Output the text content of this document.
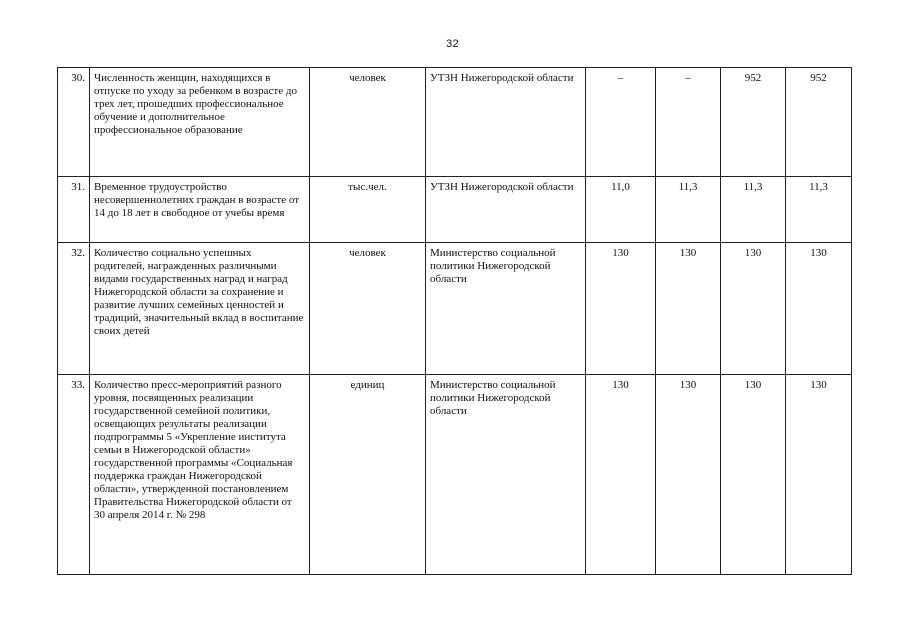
32
30.	Численность женщин, находящихся в отпуске по уходу за ребенком в возрасте до трех лет, прошедших профессиональное обучение и дополнительное профессиональное образование	человек	УТЗН Нижегородской области	–	–	952	952
31.	Временное трудоустройство несовершеннолетних граждан в возрасте от 14 до 18 лет в свободное от учебы время	тыс.чел.	УТЗН Нижегородской области	11,0	11,3	11,3	11,3
32.	Количество социально успешных родителей, награжденных различными видами государственных наград и наград Нижегородской области за сохранение и развитие лучших семейных ценностей и традиций, значительный вклад в воспитание своих детей	человек	Министерство социальной политики Нижегородской области	130	130	130	130
33.	Количество пресс-мероприятий разного уровня, посвященных реализации государственной семейной политики, освещающих результаты реализации подпрограммы 5 «Укрепление института семьи в Нижегородской области» государственной программы «Социальная поддержка граждан Нижегородской области», утвержденной постановлением Правительства Нижегородской области от 30 апреля 2014 г. № 298	единиц	Министерство социальной политики Нижегородской области	130	130	130	130
